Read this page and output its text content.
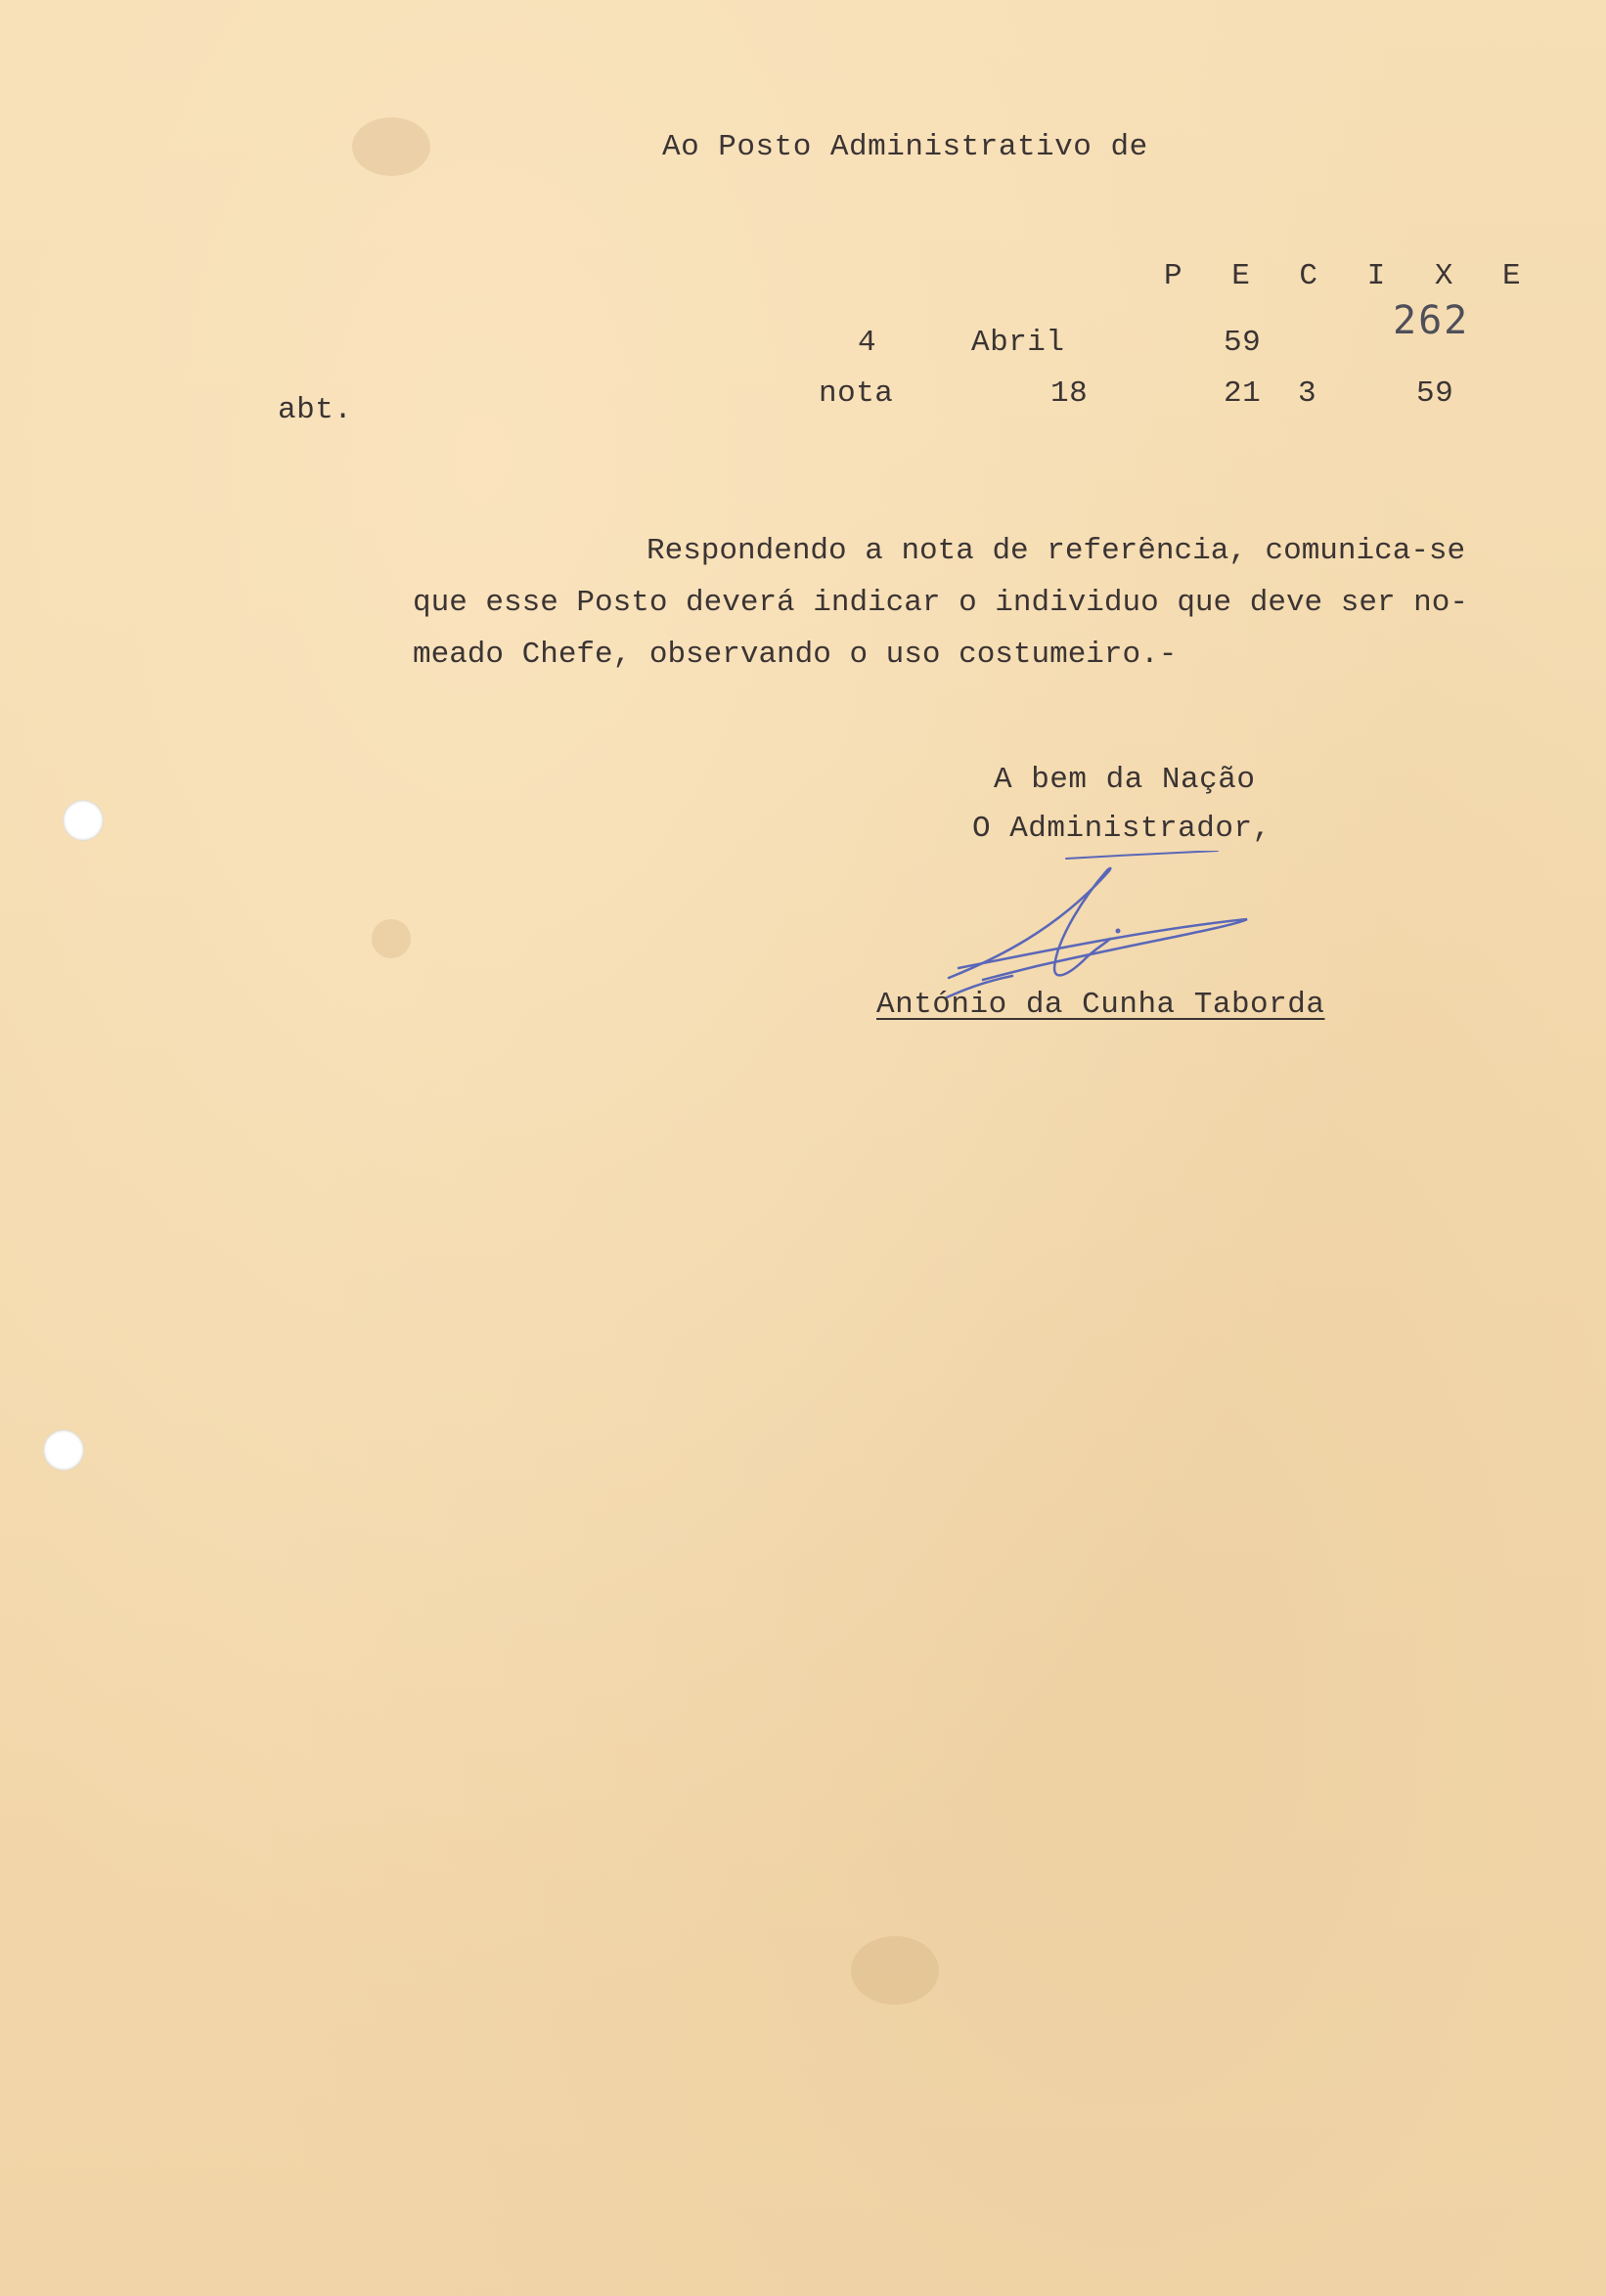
Ao Posto Administrativo de
P E C I X E
262
4	Abril	59
abt.	nota	18	21 3	59
Respondendo a nota de referência, comunica-se
que esse Posto deverá indicar o individuo que deve ser no-
meado Chefe, observando o uso costumeiro.-
A bem da Nação
O Administrador,
António da Cunha Taborda
